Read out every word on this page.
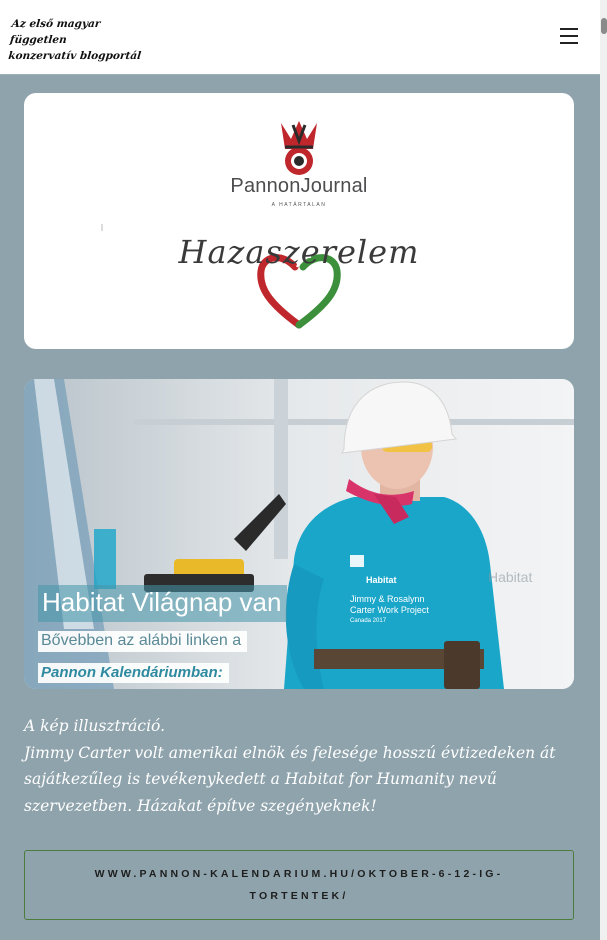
Az első magyar független
konzervatív blogportál
PannonJournal
A HATÁRTALAN
Hazaszerelem
Habitat
Jimmy & Rosalynn
Carter Work Project
Canada 2017
Habitat
Habitat Világnap van
Bővebben az alábbi linken a
Pannon Kalendáriumban:

A kép illusztráció.

Jimmy Carter volt amerikai elnök és felesége hosszú évtizedeken át sajátkezűleg is tevékenykedett a Habitat for Humanity nevű szervezetben. Házakat építve szegényeknek!

WWW.PANNON-KALENDARIUM.HU/OKTOBER-6-12-IG-TORTENTEK/
